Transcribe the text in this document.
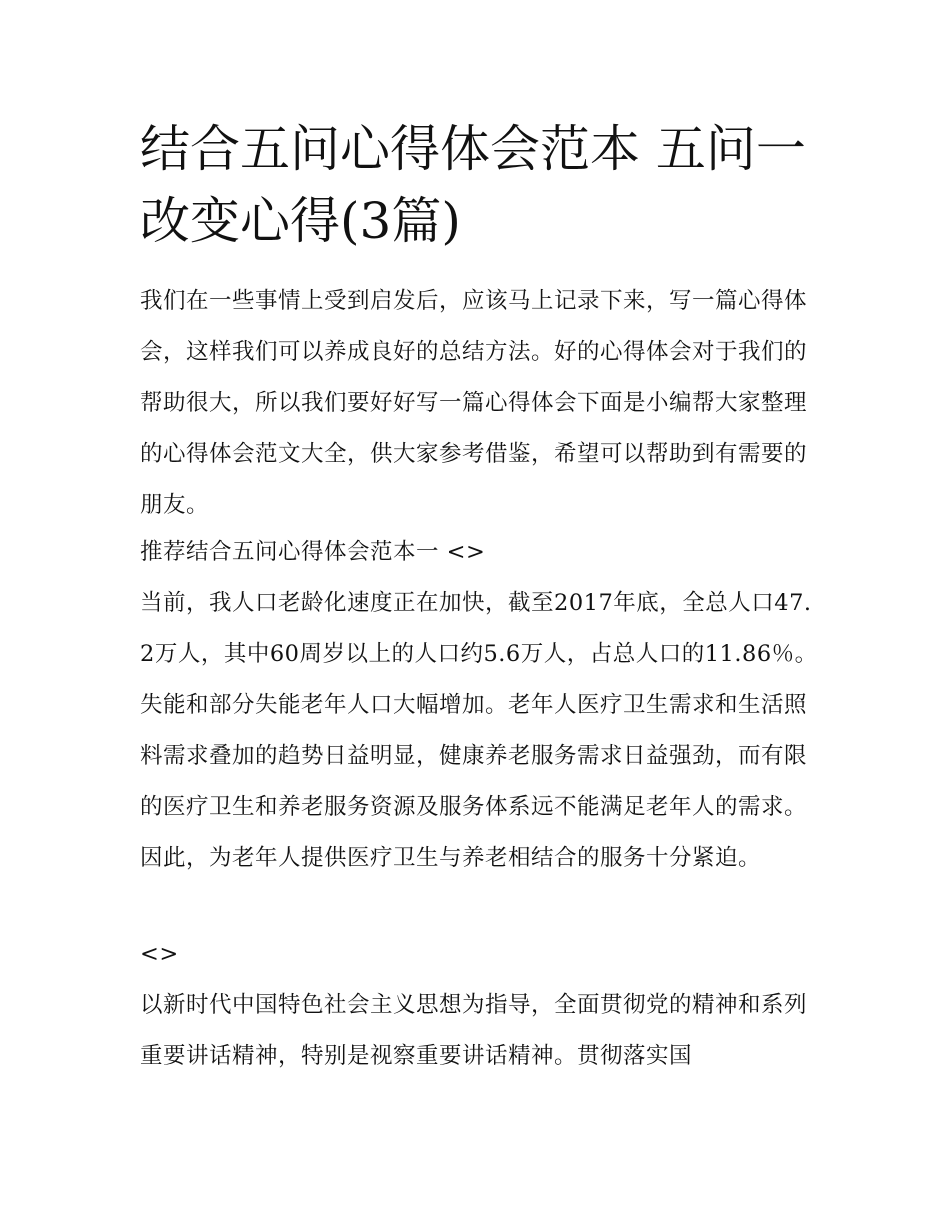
结合五问心得体会范本 五问一改变心得(3篇)

我们在一些事情上受到启发后，应该马上记录下来，写一篇心得体会，这样我们可以养成良好的总结方法。好的心得体会对于我们的帮助很大，所以我们要好好写一篇心得体会下面是小编帮大家整理的心得体会范文大全，供大家参考借鉴，希望可以帮助到有需要的朋友。

推荐结合五问心得体会范本一 <>

当前，我人口老龄化速度正在加快，截至2017年底，全总人口47.2万人，其中60周岁以上的人口约5.6万人，占总人口的11.86％。失能和部分失能老年人口大幅增加。老年人医疗卫生需求和生活照料需求叠加的趋势日益明显，健康养老服务需求日益强劲，而有限的医疗卫生和养老服务资源及服务体系远不能满足老年人的需求。因此，为老年人提供医疗卫生与养老相结合的服务十分紧迫。

<>

以新时代中国特色社会主义思想为指导，全面贯彻党的精神和系列重要讲话精神，特别是视察重要讲话精神。贯彻落实国
